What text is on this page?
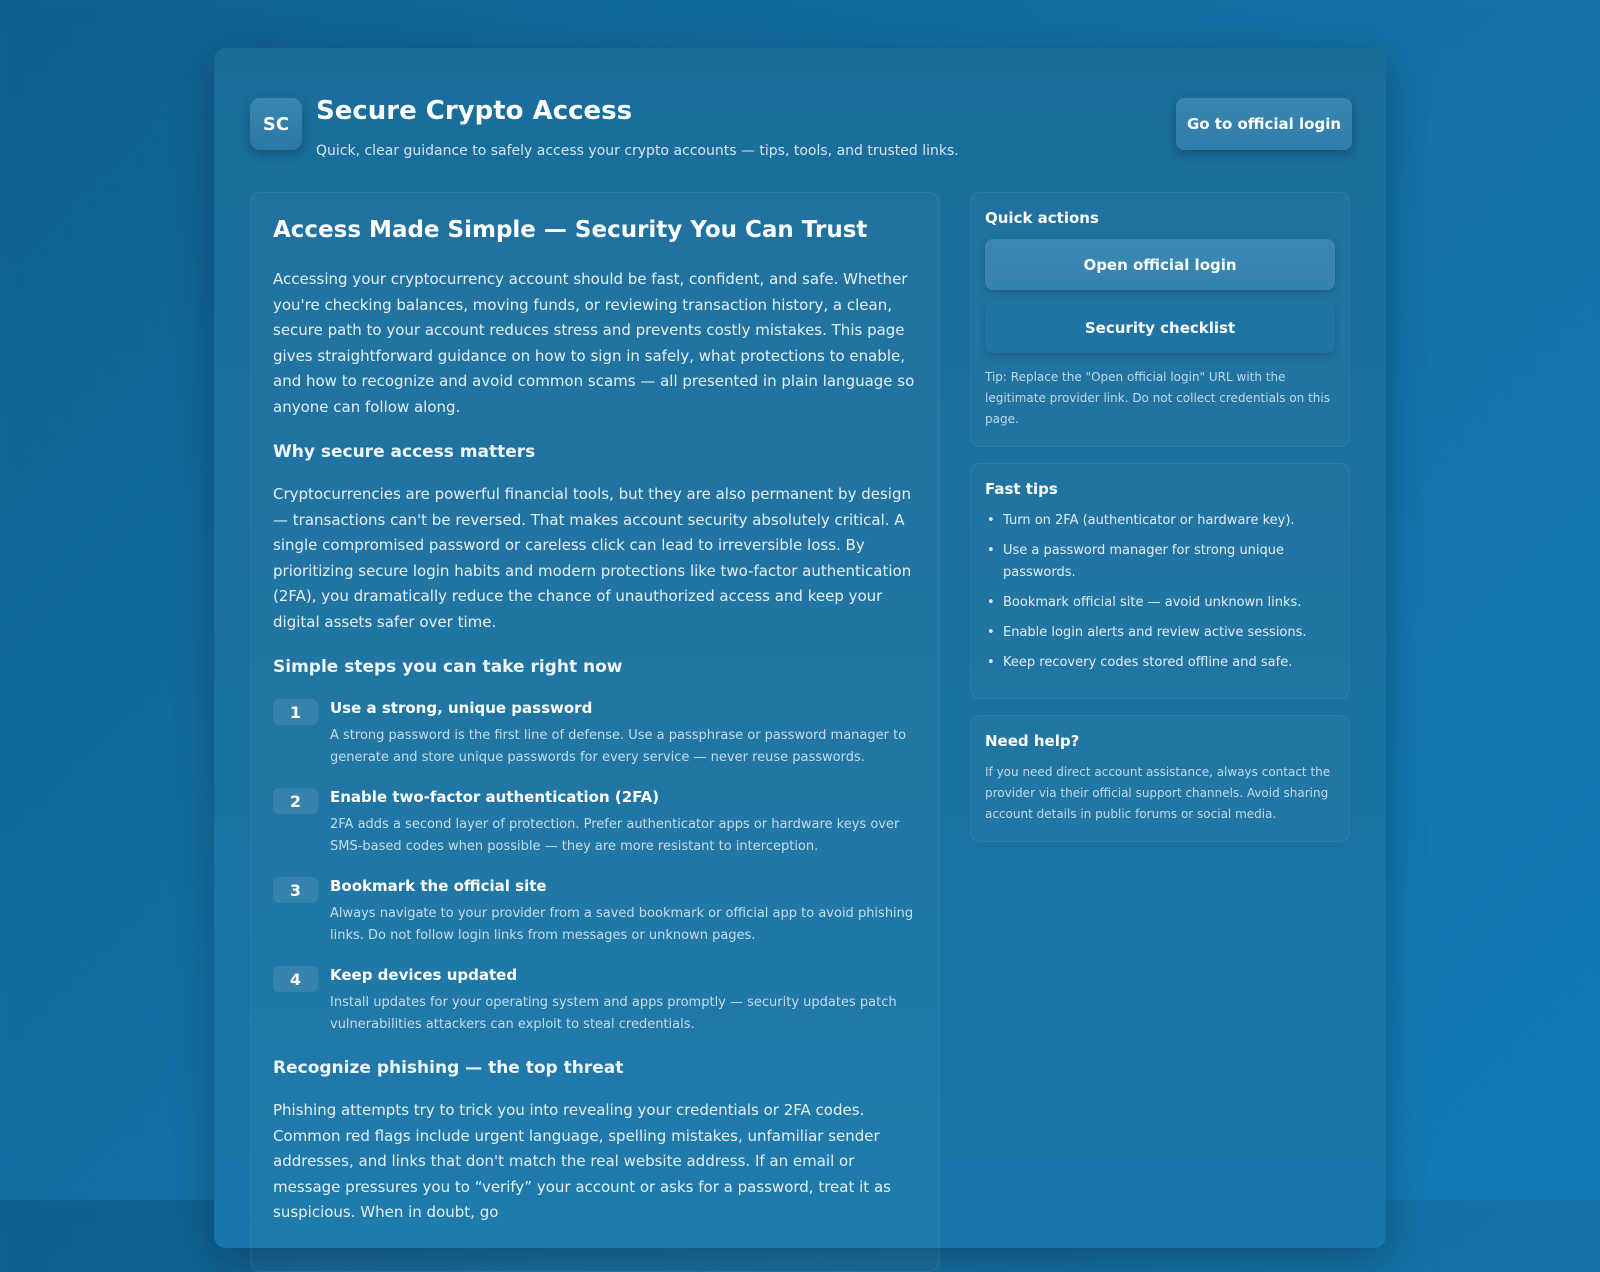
SC	Secure Crypto Access
Quick, clear guidance to safely access your crypto accounts — tips, tools, and trusted links.
Go to official login
Access Made Simple — Security You Can Trust

Accessing your cryptocurrency account should be fast, confident, and safe. Whether you're checking balances, moving funds, or reviewing transaction history, a clean, secure path to your account reduces stress and prevents costly mistakes. This page gives straightforward guidance on how to sign in safely, what protections to enable, and how to recognize and avoid common scams — all presented in plain language so anyone can follow along.

Why secure access matters

Cryptocurrencies are powerful financial tools, but they are also permanent by design — transactions can't be reversed. That makes account security absolutely critical. A single compromised password or careless click can lead to irreversible loss. By prioritizing secure login habits and modern protections like two-factor authentication (2FA), you dramatically reduce the chance of unauthorized access and keep your digital assets safer over time.

Simple steps you can take right now
1	Use a strong, unique password
A strong password is the first line of defense. Use a passphrase or password manager to generate and store unique passwords for every service — never reuse passwords.
2	Enable two-factor authentication (2FA)
2FA adds a second layer of protection. Prefer authenticator apps or hardware keys over SMS-based codes when possible — they are more resistant to interception.
3	Bookmark the official site
Always navigate to your provider from a saved bookmark or official app to avoid phishing links. Do not follow login links from messages or unknown pages.
4	Keep devices updated
Install updates for your operating system and apps promptly — security updates patch vulnerabilities attackers can exploit to steal credentials.
Recognize phishing — the top threat

Phishing attempts try to trick you into revealing your credentials or 2FA codes. Common red flags include urgent language, spelling mistakes, unfamiliar sender addresses, and links that don't match the real website address. If an email or message pressures you to “verify” your account or asks for a password, treat it as suspicious. When in doubt, go

Quick actions
Open official login
Security checklist
Tip: Replace the "Open official login" URL with the legitimate provider link. Do not collect credentials on this page.
Fast tips
• Turn on 2FA (authenticator or hardware key).
• Use a password manager for strong unique passwords.
• Bookmark official site — avoid unknown links.
• Enable login alerts and review active sessions.
• Keep recovery codes stored offline and safe.
Need help?
If you need direct account assistance, always contact the provider via their official support channels. Avoid sharing account details in public forums or social media.
